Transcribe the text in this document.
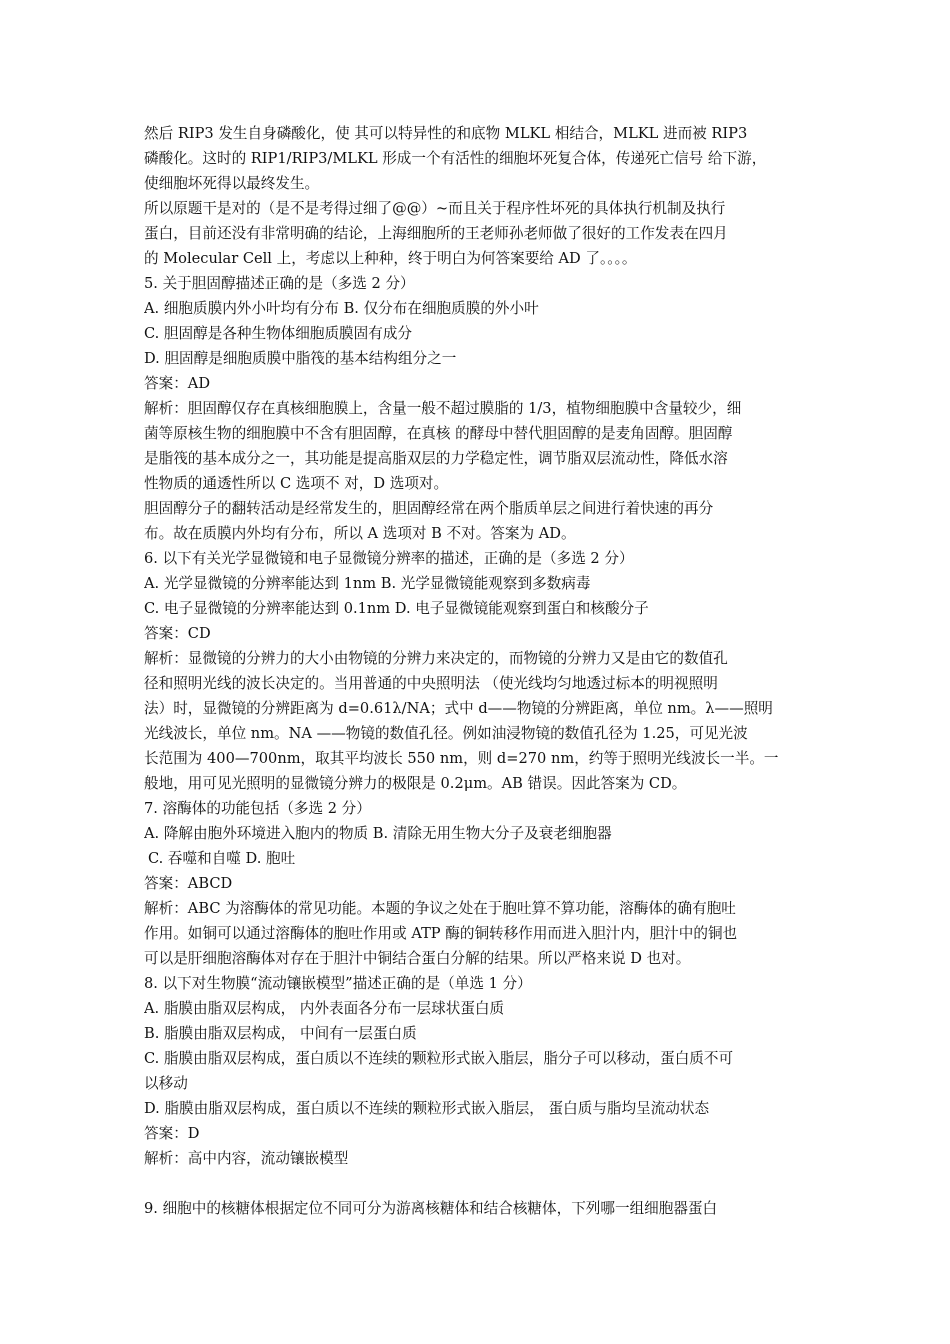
然后 RIP3 发生自身磷酸化，使 其可以特异性的和底物 MLKL 相结合，MLKL 进而被 RIP3
磷酸化。这时的 RIP1/RIP3/MLKL 形成一个有活性的细胞坏死复合体，传递死亡信号 给下游，
使细胞坏死得以最终发生。
所以原题干是对的（是不是考得过细了@@）~而且关于程序性坏死的具体执行机制及执行
蛋白，目前还没有非常明确的结论，上海细胞所的王老师孙老师做了很好的工作发表在四月
的 Molecular Cell 上，考虑以上种种，终于明白为何答案要给 AD 了。。。。
5. 关于胆固醇描述正确的是（多选 2 分）
A. 细胞质膜内外小叶均有分布 B. 仅分布在细胞质膜的外小叶
C. 胆固醇是各种生物体细胞质膜固有成分
D. 胆固醇是细胞质膜中脂筏的基本结构组分之一
答案：AD
解析：胆固醇仅存在真核细胞膜上，含量一般不超过膜脂的 1/3，植物细胞膜中含量较少，细
菌等原核生物的细胞膜中不含有胆固醇，在真核 的酵母中替代胆固醇的是麦角固醇。胆固醇
是脂筏的基本成分之一，其功能是提高脂双层的力学稳定性，调节脂双层流动性，降低水溶
性物质的通透性所以 C 选项不 对，D 选项对。
胆固醇分子的翻转活动是经常发生的，胆固醇经常在两个脂质单层之间进行着快速的再分
布。故在质膜内外均有分布，所以 A 选项对 B 不对。答案为 AD。
6. 以下有关光学显微镜和电子显微镜分辨率的描述，正确的是（多选 2 分）
A. 光学显微镜的分辨率能达到 1nm B. 光学显微镜能观察到多数病毒
C. 电子显微镜的分辨率能达到 0.1nm D. 电子显微镜能观察到蛋白和核酸分子
答案：CD
解析：显微镜的分辨力的大小由物镜的分辨力来决定的，而物镜的分辨力又是由它的数值孔
径和照明光线的波长决定的。当用普通的中央照明法 （使光线均匀地透过标本的明视照明
法）时，显微镜的分辨距离为 d=0.61λ/NA；式中 d——物镜的分辨距离，单位 nm。λ——照明
光线波长，单位 nm。NA ——物镜的数值孔径。例如油浸物镜的数值孔径为 1.25，可见光波
长范围为 400—700nm，取其平均波长 550 nm，则 d=270 nm，约等于照明光线波长一半。一
般地，用可见光照明的显微镜分辨力的极限是 0.2μm。AB 错误。因此答案为 CD。
7. 溶酶体的功能包括（多选 2 分）
A. 降解由胞外环境进入胞内的物质 B. 清除无用生物大分子及衰老细胞器
C. 吞噬和自噬 D. 胞吐
答案：ABCD
解析：ABC 为溶酶体的常见功能。本题的争议之处在于胞吐算不算功能，溶酶体的确有胞吐
作用。如铜可以通过溶酶体的胞吐作用或 ATP 酶的铜转移作用而进入胆汁内，胆汁中的铜也
可以是肝细胞溶酶体对存在于胆汁中铜结合蛋白分解的结果。所以严格来说 D 也对。
8. 以下对生物膜“流动镶嵌模型”描述正确的是（单选 1 分）
A. 脂膜由脂双层构成， 内外表面各分布一层球状蛋白质
B. 脂膜由脂双层构成， 中间有一层蛋白质
C. 脂膜由脂双层构成，蛋白质以不连续的颗粒形式嵌入脂层，脂分子可以移动，蛋白质不可
以移动
D. 脂膜由脂双层构成，蛋白质以不连续的颗粒形式嵌入脂层， 蛋白质与脂均呈流动状态
答案：D
解析：高中内容，流动镶嵌模型
9. 细胞中的核糖体根据定位不同可分为游离核糖体和结合核糖体，下列哪一组细胞器蛋白
